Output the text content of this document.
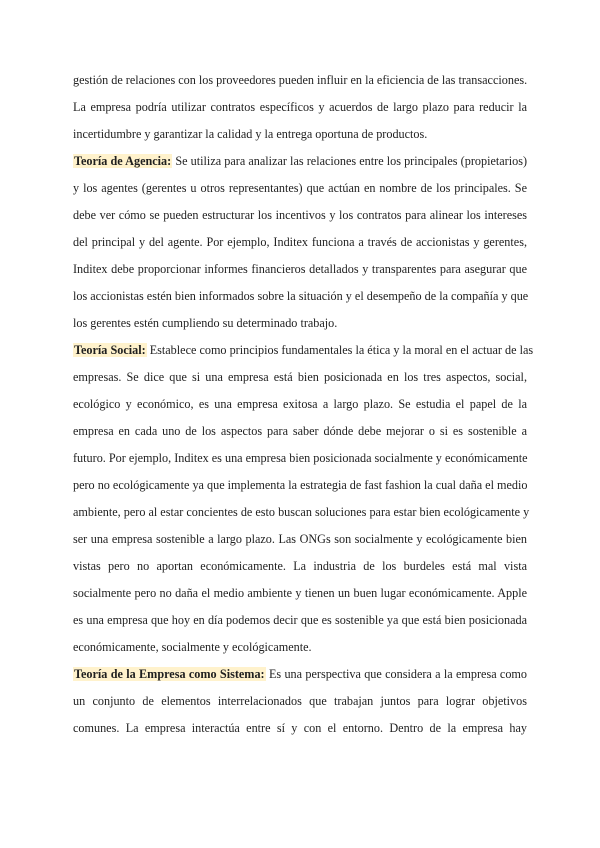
gestión de relaciones con los proveedores pueden influir en la eficiencia de las transacciones.
La empresa podría utilizar contratos específicos y acuerdos de largo plazo para reducir la
incertidumbre y garantizar la calidad y la entrega oportuna de productos.
Teoría de Agencia: Se utiliza para analizar las relaciones entre los principales (propietarios)
y los agentes (gerentes u otros representantes) que actúan en nombre de los principales. Se
debe ver cómo se pueden estructurar los incentivos y los contratos para alinear los intereses
del principal y del agente. Por ejemplo, Inditex funciona a través de accionistas y gerentes,
Inditex debe proporcionar informes financieros detallados y transparentes para asegurar que
los accionistas estén bien informados sobre la situación y el desempeño de la compañía y que
los gerentes estén cumpliendo su determinado trabajo.
Teoría Social: Establece como principios fundamentales la ética y la moral en el actuar de las
empresas. Se dice que si una empresa está bien posicionada en los tres aspectos, social,
ecológico y económico, es una empresa exitosa a largo plazo. Se estudia el papel de la
empresa en cada uno de los aspectos para saber dónde debe mejorar o si es sostenible a
futuro. Por ejemplo, Inditex es una empresa bien posicionada socialmente y económicamente
pero no ecológicamente ya que implementa la estrategia de fast fashion la cual daña el medio
ambiente, pero al estar concientes de esto buscan soluciones para estar bien ecológicamente y
ser una empresa sostenible a largo plazo. Las ONGs son socialmente y ecológicamente bien
vistas pero no aportan económicamente. La industria de los burdeles está mal vista
socialmente pero no daña el medio ambiente y tienen un buen lugar económicamente. Apple
es una empresa que hoy en día podemos decir que es sostenible ya que está bien posicionada
económicamente, socialmente y ecológicamente.
Teoría de la Empresa como Sistema: Es una perspectiva que considera a la empresa como
un conjunto de elementos interrelacionados que trabajan juntos para lograr objetivos
comunes. La empresa interactúa entre sí y con el entorno. Dentro de la empresa hay
